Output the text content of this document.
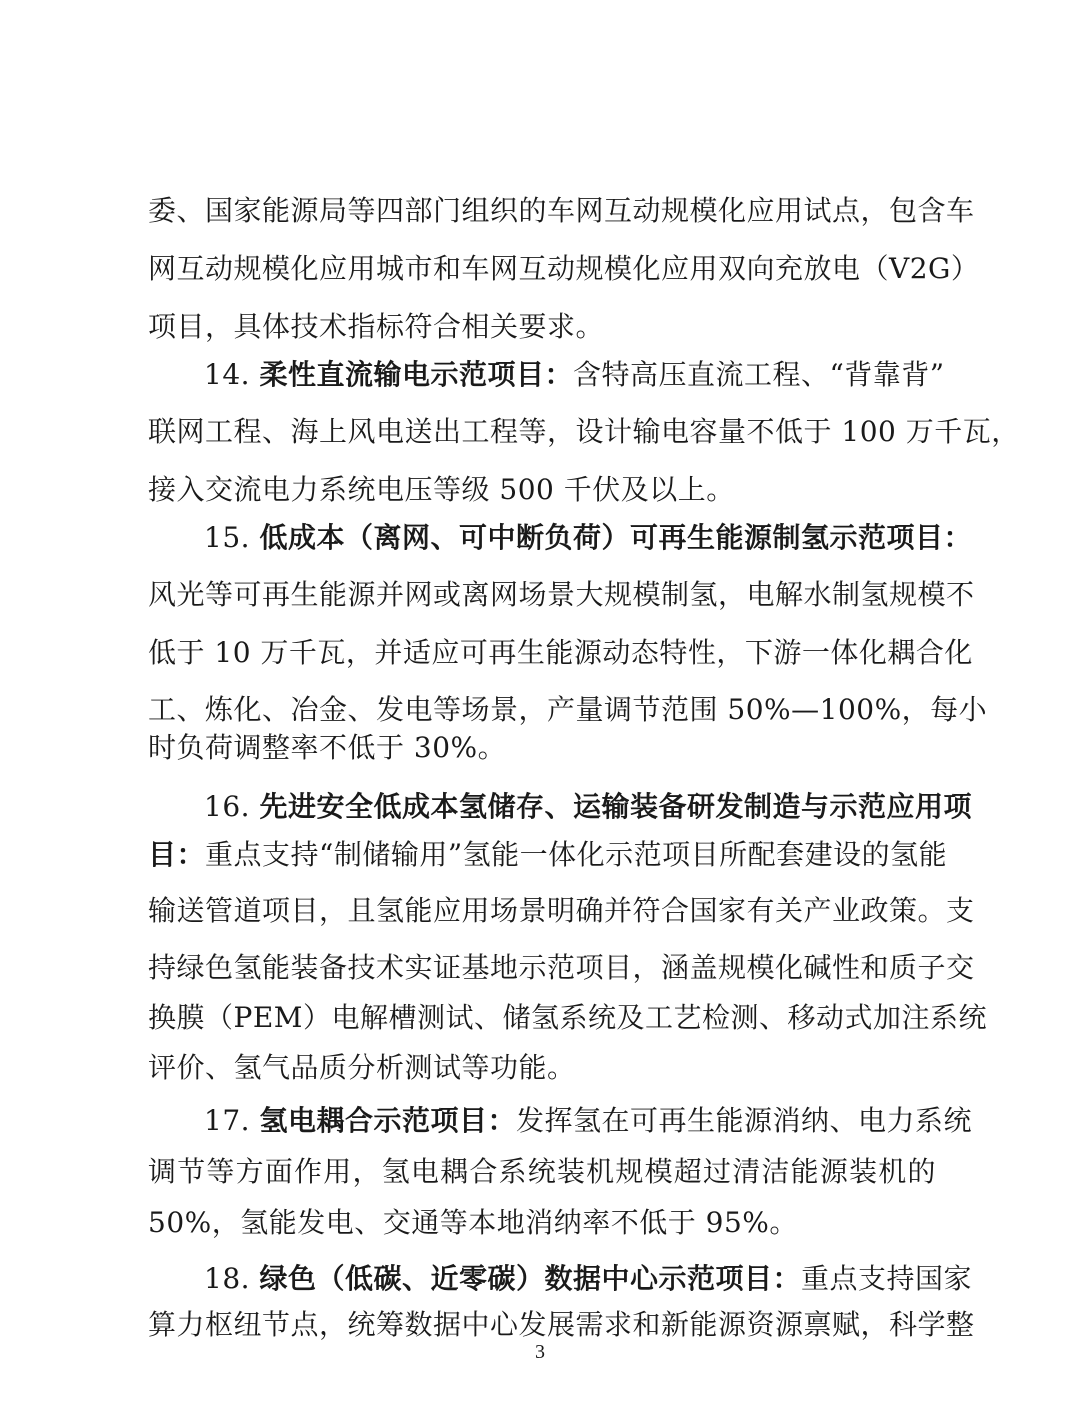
委、国家能源局等四部门组织的车网互动规模化应用试点，包含车
网互动规模化应用城市和车网互动规模化应用双向充放电（V2G）
项目，具体技术指标符合相关要求。
14. 柔性直流输电示范项目：含特高压直流工程、“背靠背”
联网工程、海上风电送出工程等，设计输电容量不低于 100 万千瓦，
接入交流电力系统电压等级 500 千伏及以上。
15. 低成本（离网、可中断负荷）可再生能源制氢示范项目：
风光等可再生能源并网或离网场景大规模制氢，电解水制氢规模不
低于 10 万千瓦，并适应可再生能源动态特性，下游一体化耦合化
工、炼化、冶金、发电等场景，产量调节范围 50%—100%，每小
时负荷调整率不低于 30%。
16. 先进安全低成本氢储存、运输装备研发制造与示范应用项
目：重点支持“制储输用”氢能一体化示范项目所配套建设的氢能
输送管道项目，且氢能应用场景明确并符合国家有关产业政策。支
持绿色氢能装备技术实证基地示范项目，涵盖规模化碱性和质子交
换膜（PEM）电解槽测试、储氢系统及工艺检测、移动式加注系统
评价、氢气品质分析测试等功能。
17. 氢电耦合示范项目：发挥氢在可再生能源消纳、电力系统
调节等方面作用，氢电耦合系统装机规模超过清洁能源装机的
50%，氢能发电、交通等本地消纳率不低于 95%。
18. 绿色（低碳、近零碳）数据中心示范项目：重点支持国家
算力枢纽节点，统筹数据中心发展需求和新能源资源禀赋，科学整
3
